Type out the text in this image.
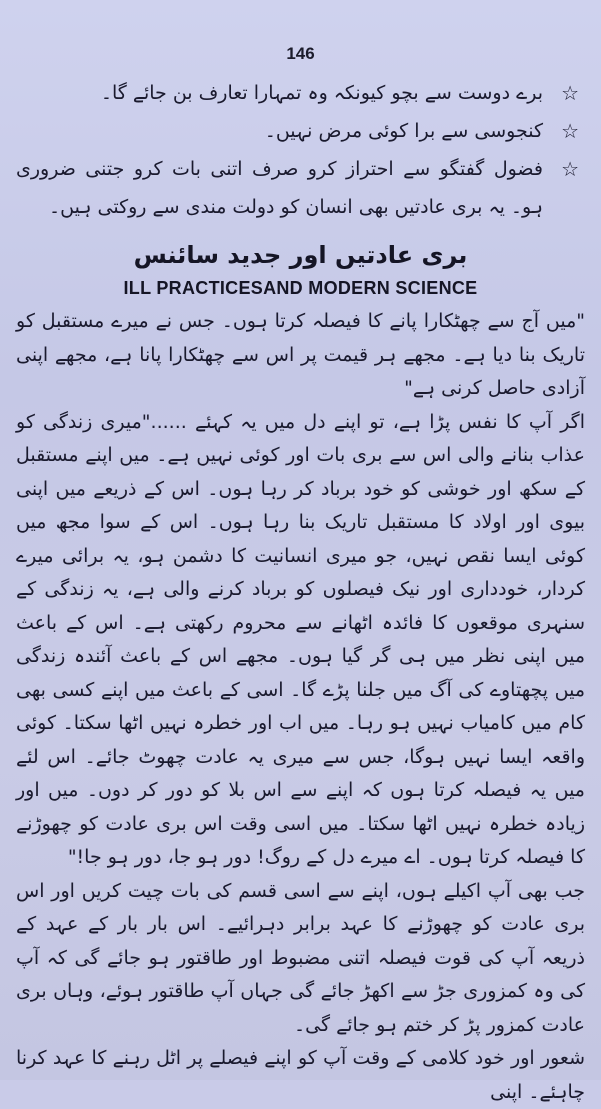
146
☆
برے دوست سے بچو کیونکہ وہ تمہارا تعارف بن جائے گا۔
☆
کنجوسی سے برا کوئی مرض نہیں۔
☆
فضول گفتگو سے احتراز کرو صرف اتنی بات کرو جتنی ضروری ہو۔ یہ بری عادتیں بھی انسان کو دولت مندی سے روکتی ہیں۔
بری عادتیں اور جدید سائنس
ILL PRACTICESAND MODERN SCIENCE

"میں آج سے چھٹکارا پانے کا فیصلہ کرتا ہوں۔ جس نے میرے مستقبل کو تاریک بنا دیا ہے۔ مجھے ہر قیمت پر اس سے چھٹکارا پانا ہے، مجھے اپنی آزادی حاصل کرنی ہے"

اگر آپ کا نفس پڑا ہے، تو اپنے دل میں یہ کہئے ......"میری زندگی کو عذاب بنانے والی اس سے بری بات اور کوئی نہیں ہے۔ میں اپنے مستقبل کے سکھ اور خوشی کو خود برباد کر رہا ہوں۔ اس کے ذریعے میں اپنی بیوی اور اولاد کا مستقبل تاریک بنا رہا ہوں۔ اس کے سوا مجھ میں کوئی ایسا نقص نہیں، جو میری انسانیت کا دشمن ہو، یہ برائی میرے کردار، خودداری اور نیک فیصلوں کو برباد کرنے والی ہے، یہ زندگی کے سنہری موقعوں کا فائدہ اٹھانے سے محروم رکھتی ہے۔ اس کے باعث میں اپنی نظر میں ہی گر گیا ہوں۔ مجھے اس کے باعث آئندہ زندگی میں پچھتاوے کی آگ میں جلنا پڑے گا۔ اسی کے باعث میں اپنے کسی بھی کام میں کامیاب نہیں ہو رہا۔ میں اب اور خطرہ نہیں اٹھا سکتا۔ کوئی واقعہ ایسا نہیں ہوگا، جس سے میری یہ عادت چھوٹ جائے۔ اس لئے میں یہ فیصلہ کرتا ہوں کہ اپنے سے اس بلا کو دور کر دوں۔ میں اور زیادہ خطرہ نہیں اٹھا سکتا۔ میں اسی وقت اس بری عادت کو چھوڑنے کا فیصلہ کرتا ہوں۔ اے میرے دل کے روگ! دور ہو جا، دور ہو جا!"

جب بھی آپ اکیلے ہوں، اپنے سے اسی قسم کی بات چیت کریں اور اس بری عادت کو چھوڑنے کا عہد برابر دہرائیے۔ اس بار بار کے عہد کے ذریعہ آپ کی قوت فیصلہ اتنی مضبوط اور طاقتور ہو جائے گی کہ آپ کی وہ کمزوری جڑ سے اکھڑ جائے گی جہاں آپ طاقتور ہوئے، وہاں بری عادت کمزور پڑ کر ختم ہو جائے گی۔

شعور اور خود کلامی کے وقت آپ کو اپنے فیصلے پر اٹل رہنے کا عہد کرنا چاہئے۔ اپنی
